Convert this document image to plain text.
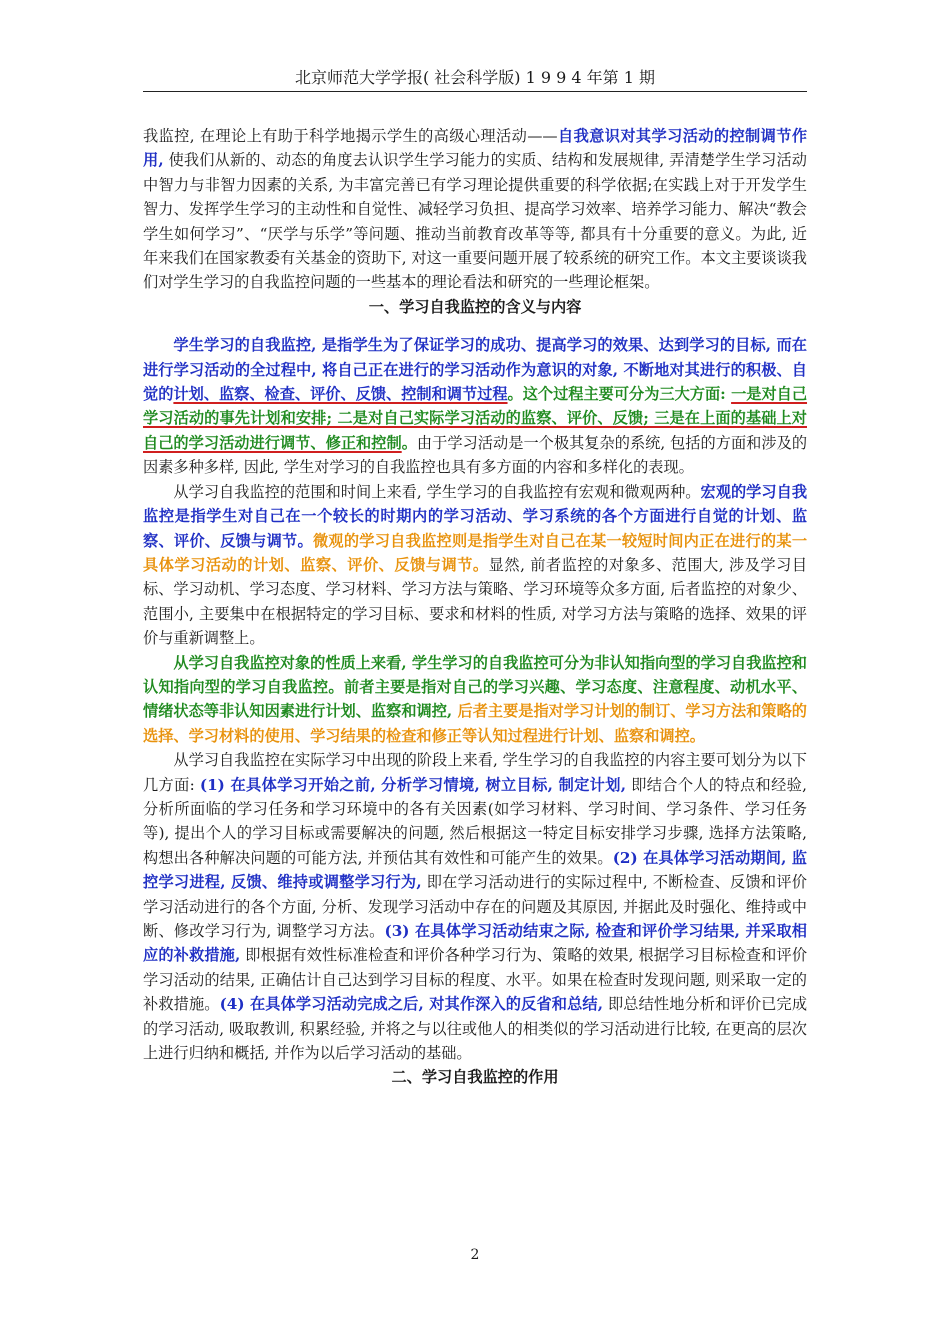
北京师范大学学报( 社会科学版) 1 9 9 4 年第 1 期

我监控, 在理论上有助于科学地揭示学生的高级心理活动——自我意识对其学习活动的控制调节作用, 使我们从新的、动态的角度去认识学生学习能力的实质、结构和发展规律, 弄清楚学生学习活动中智力与非智力因素的关系, 为丰富完善已有学习理论提供重要的科学依据;在实践上对于开发学生智力、发挥学生学习的主动性和自觉性、减轻学习负担、提高学习效率、培养学习能力、解决“教会学生如何学习”、“厌学与乐学”等问题、推动当前教育改革等等, 都具有十分重要的意义。为此, 近年来我们在国家教委有关基金的资助下, 对这一重要问题开展了较系统的研究工作。本文主要谈谈我们对学生学习的自我监控问题的一些基本的理论看法和研究的一些理论框架。

一、学习自我监控的含义与内容

学生学习的自我监控, 是指学生为了保证学习的成功、提高学习的效果、达到学习的目标, 而在进行学习活动的全过程中, 将自己正在进行的学习活动作为意识的对象, 不断地对其进行的积极、自觉的计划、监察、检查、评价、反馈、控制和调节过程。这个过程主要可分为三大方面: 一是对自己学习活动的事先计划和安排; 二是对自己实际学习活动的监察、评价、反馈; 三是在上面的基础上对自己的学习活动进行调节、修正和控制。由于学习活动是一个极其复杂的系统, 包括的方面和涉及的因素多种多样, 因此, 学生对学习的自我监控也具有多方面的内容和多样化的表现。

从学习自我监控的范围和时间上来看, 学生学习的自我监控有宏观和微观两种。宏观的学习自我监控是指学生对自己在一个较长的时期内的学习活动、学习系统的各个方面进行自觉的计划、监察、评价、反馈与调节。微观的学习自我监控则是指学生对自己在某一较短时间内正在进行的某一具体学习活动的计划、监察、评价、反馈与调节。显然, 前者监控的对象多、范围大, 涉及学习目标、学习动机、学习态度、学习材料、学习方法与策略、学习环境等众多方面, 后者监控的对象少、范围小, 主要集中在根据特定的学习目标、要求和材料的性质, 对学习方法与策略的选择、效果的评价与重新调整上。

从学习自我监控对象的性质上来看, 学生学习的自我监控可分为非认知指向型的学习自我监控和认知指向型的学习自我监控。前者主要是指对自己的学习兴趣、学习态度、注意程度、动机水平、情绪状态等非认知因素进行计划、监察和调控, 后者主要是指对学习计划的制订、学习方法和策略的选择、学习材料的使用、学习结果的检查和修正等认知过程进行计划、监察和调控。

从学习自我监控在实际学习中出现的阶段上来看, 学生学习的自我监控的内容主要可划分为以下几方面: (1) 在具体学习开始之前, 分析学习情境, 树立目标, 制定计划, 即结合个人的特点和经验, 分析所面临的学习任务和学习环境中的各有关因素(如学习材料、学习时间、学习条件、学习任务等), 提出个人的学习目标或需要解决的问题, 然后根据这一特定目标安排学习步骤, 选择方法策略, 构想出各种解决问题的可能方法, 并预估其有效性和可能产生的效果。(2) 在具体学习活动期间, 监控学习进程, 反馈、维持或调整学习行为, 即在学习活动进行的实际过程中, 不断检查、反馈和评价学习活动进行的各个方面, 分析、发现学习活动中存在的问题及其原因, 并据此及时强化、维持或中断、修改学习行为, 调整学习方法。(3) 在具体学习活动结束之际, 检查和评价学习结果, 并采取相应的补救措施, 即根据有效性标准检查和评价各种学习行为、策略的效果, 根据学习目标检查和评价学习活动的结果, 正确估计自己达到学习目标的程度、水平。如果在检查时发现问题, 则采取一定的补救措施。(4) 在具体学习活动完成之后, 对其作深入的反省和总结, 即总结性地分析和评价已完成的学习活动, 吸取教训, 积累经验, 并将之与以往或他人的相类似的学习活动进行比较, 在更高的层次上进行归纳和概括, 并作为以后学习活动的基础。

二、学习自我监控的作用

2
